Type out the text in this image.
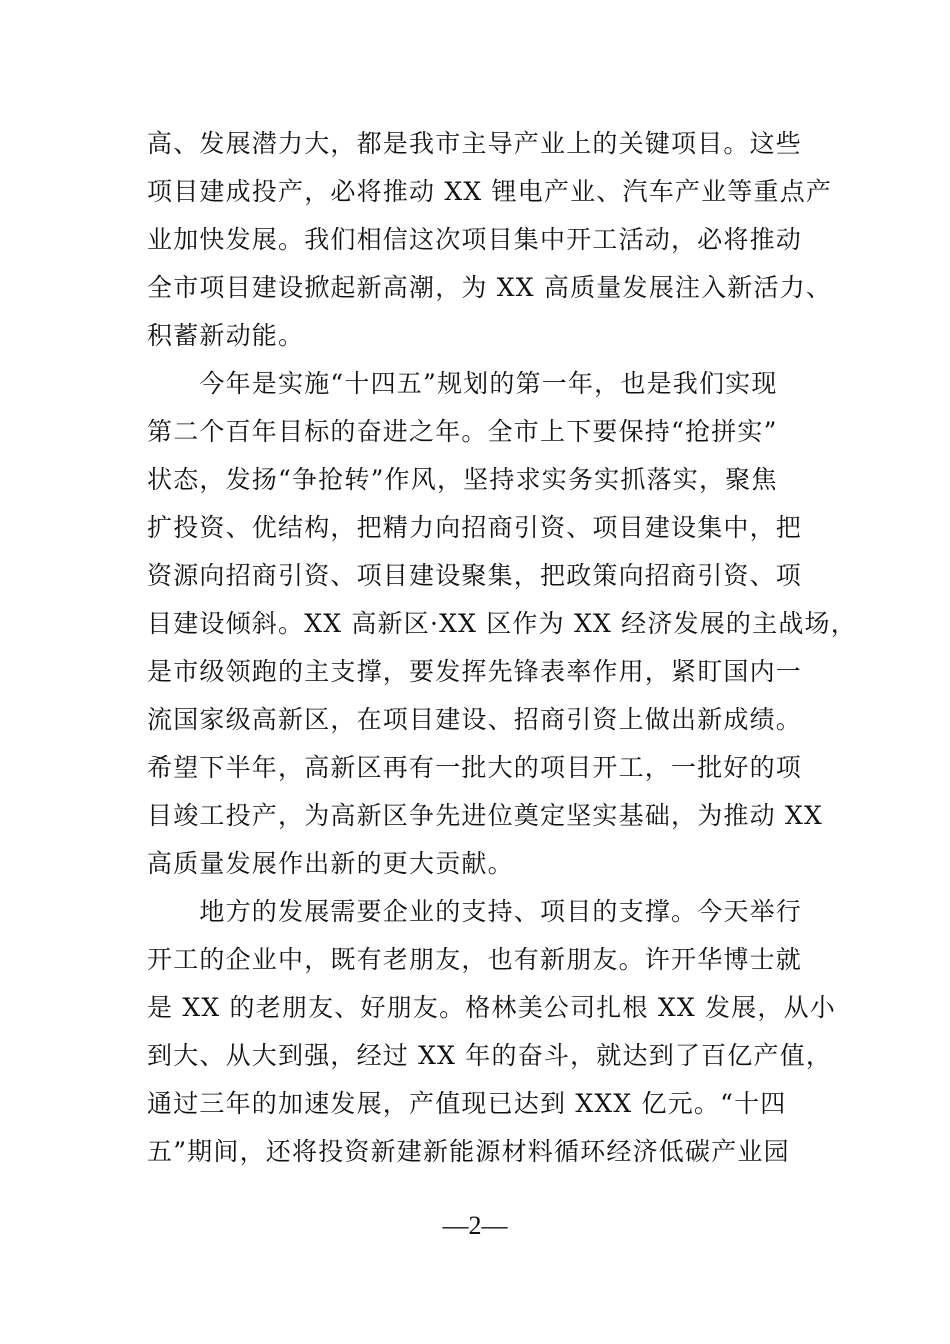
高、发展潜力大，都是我市主导产业上的关键项目。这些
项目建成投产，必将推动 XX 锂电产业、汽车产业等重点产
业加快发展。我们相信这次项目集中开工活动，必将推动
全市项目建设掀起新高潮，为 XX 高质量发展注入新活力、
积蓄新动能。
　　今年是实施“十四五”规划的第一年，也是我们实现
第二个百年目标的奋进之年。全市上下要保持“抢拼实”
状态，发扬“争抢转”作风，坚持求实务实抓落实，聚焦
扩投资、优结构，把精力向招商引资、项目建设集中，把
资源向招商引资、项目建设聚集，把政策向招商引资、项
目建设倾斜。XX 高新区·XX 区作为 XX 经济发展的主战场，
是市级领跑的主支撑，要发挥先锋表率作用，紧盯国内一
流国家级高新区，在项目建设、招商引资上做出新成绩。
希望下半年，高新区再有一批大的项目开工，一批好的项
目竣工投产，为高新区争先进位奠定坚实基础，为推动 XX
高质量发展作出新的更大贡献。
　　地方的发展需要企业的支持、项目的支撑。今天举行
开工的企业中，既有老朋友，也有新朋友。许开华博士就
是 XX 的老朋友、好朋友。格林美公司扎根 XX 发展，从小
到大、从大到强，经过 XX 年的奋斗，就达到了百亿产值，
通过三年的加速发展，产值现已达到 XXX 亿元。“十四
五”期间，还将投资新建新能源材料循环经济低碳产业园
—2—
